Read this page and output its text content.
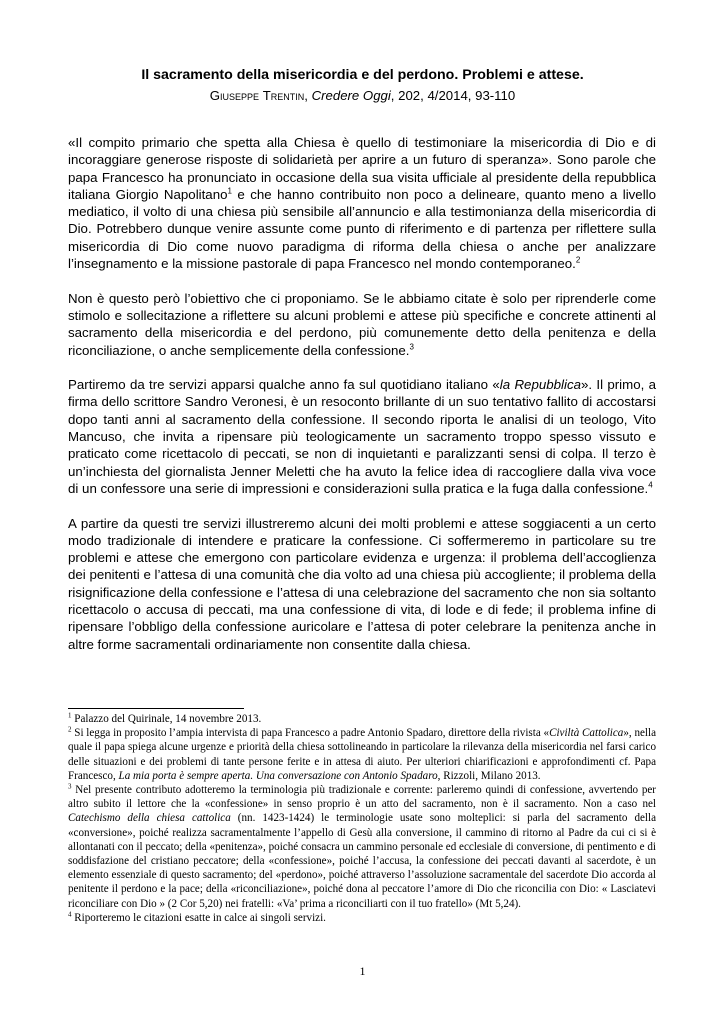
Il sacramento della misericordia e del perdono. Problemi e attese.

Giuseppe Trentin, Credere Oggi, 202, 4/2014, 93-110

«Il compito primario che spetta alla Chiesa è quello di testimoniare la misericordia di Dio e di incoraggiare generose risposte di solidarietà per aprire a un futuro di speranza». Sono parole che papa Francesco ha pronunciato in occasione della sua visita ufficiale al presidente della repubblica italiana Giorgio Napolitano$^1$ e che hanno contribuito non poco a delineare, quanto meno a livello mediatico, il volto di una chiesa più sensibile all’annuncio e alla testimonianza della misericordia di Dio. Potrebbero dunque venire assunte come punto di riferimento e di partenza per riflettere sulla misericordia di Dio come nuovo paradigma di riforma della chiesa o anche per analizzare l’insegnamento e la missione pastorale di papa Francesco nel mondo contemporaneo.$^2$

Non è questo però l’obiettivo che ci proponiamo. Se le abbiamo citate è solo per riprenderle come stimolo e sollecitazione a riflettere su alcuni problemi e attese più specifiche e concrete attinenti al sacramento della misericordia e del perdono, più comunemente detto della penitenza e della riconciliazione, o anche semplicemente della confessione.$^3$

Partiremo da tre servizi apparsi qualche anno fa sul quotidiano italiano «la Repubblica». Il primo, a firma dello scrittore Sandro Veronesi, è un resoconto brillante di un suo tentativo fallito di accostarsi dopo tanti anni al sacramento della confessione. Il secondo riporta le analisi di un teologo, Vito Mancuso, che invita a ripensare più teologicamente un sacramento troppo spesso vissuto e praticato come ricettacolo di peccati, se non di inquietanti e paralizzanti sensi di colpa. Il terzo è un’inchiesta del giornalista Jenner Meletti che ha avuto la felice idea di raccogliere dalla viva voce di un confessore una serie di impressioni e considerazioni sulla pratica e la fuga dalla confessione.$^4$

A partire da questi tre servizi illustreremo alcuni dei molti problemi e attese soggiacenti a un certo modo tradizionale di intendere e praticare la confessione. Ci soffermeremo in particolare su tre problemi e attese che emergono con particolare evidenza e urgenza: il problema dell’accoglienza dei penitenti e l’attesa di una comunità che dia volto ad una chiesa più accogliente; il problema della risignificazione della confessione e l’attesa di una celebrazione del sacramento che non sia soltanto ricettacolo o accusa di peccati, ma una confessione di vita, di lode e di fede; il problema infine di ripensare l’obbligo della confessione auricolare e l’attesa di poter celebrare la penitenza anche in altre forme sacramentali ordinariamente non consentite dalla chiesa.

$^1$ Palazzo del Quirinale, 14 novembre 2013.

$^2$ Si legga in proposito l’ampia intervista di papa Francesco a padre Antonio Spadaro, direttore della rivista «Civiltà Cattolica», nella quale il papa spiega alcune urgenze e priorità della chiesa sottolineando in particolare la rilevanza della misericordia nel farsi carico delle situazioni e dei problemi di tante persone ferite e in attesa di aiuto. Per ulteriori chiarificazioni e approfondimenti cf. Papa Francesco, La mia porta è sempre aperta. Una conversazione con Antonio Spadaro, Rizzoli, Milano 2013.

$^3$ Nel presente contributo adotteremo la terminologia più tradizionale e corrente: parleremo quindi di confessione, avvertendo per altro subito il lettore che la «confessione» in senso proprio è un atto del sacramento, non è il sacramento. Non a caso nel Catechismo della chiesa cattolica (nn. 1423-1424) le terminologie usate sono molteplici: si parla del sacramento della «conversione», poiché realizza sacramentalmente l’appello di Gesù alla conversione, il cammino di ritorno al Padre da cui ci si è allontanati con il peccato; della «penitenza», poiché consacra un cammino personale ed ecclesiale di conversione, di pentimento e di soddisfazione del cristiano peccatore; della «confessione», poiché l’accusa, la confessione dei peccati davanti al sacerdote, è un elemento essenziale di questo sacramento; del «perdono», poiché attraverso l’assoluzione sacramentale del sacerdote Dio accorda al penitente il perdono e la pace; della «riconciliazione», poiché dona al peccatore l’amore di Dio che riconcilia con Dio: « Lasciatevi riconciliare con Dio » (2 Cor 5,20) nei fratelli: «Va’ prima a riconciliarti con il tuo fratello» (Mt 5,24).

$^4$ Riporteremo le citazioni esatte in calce ai singoli servizi.

1
